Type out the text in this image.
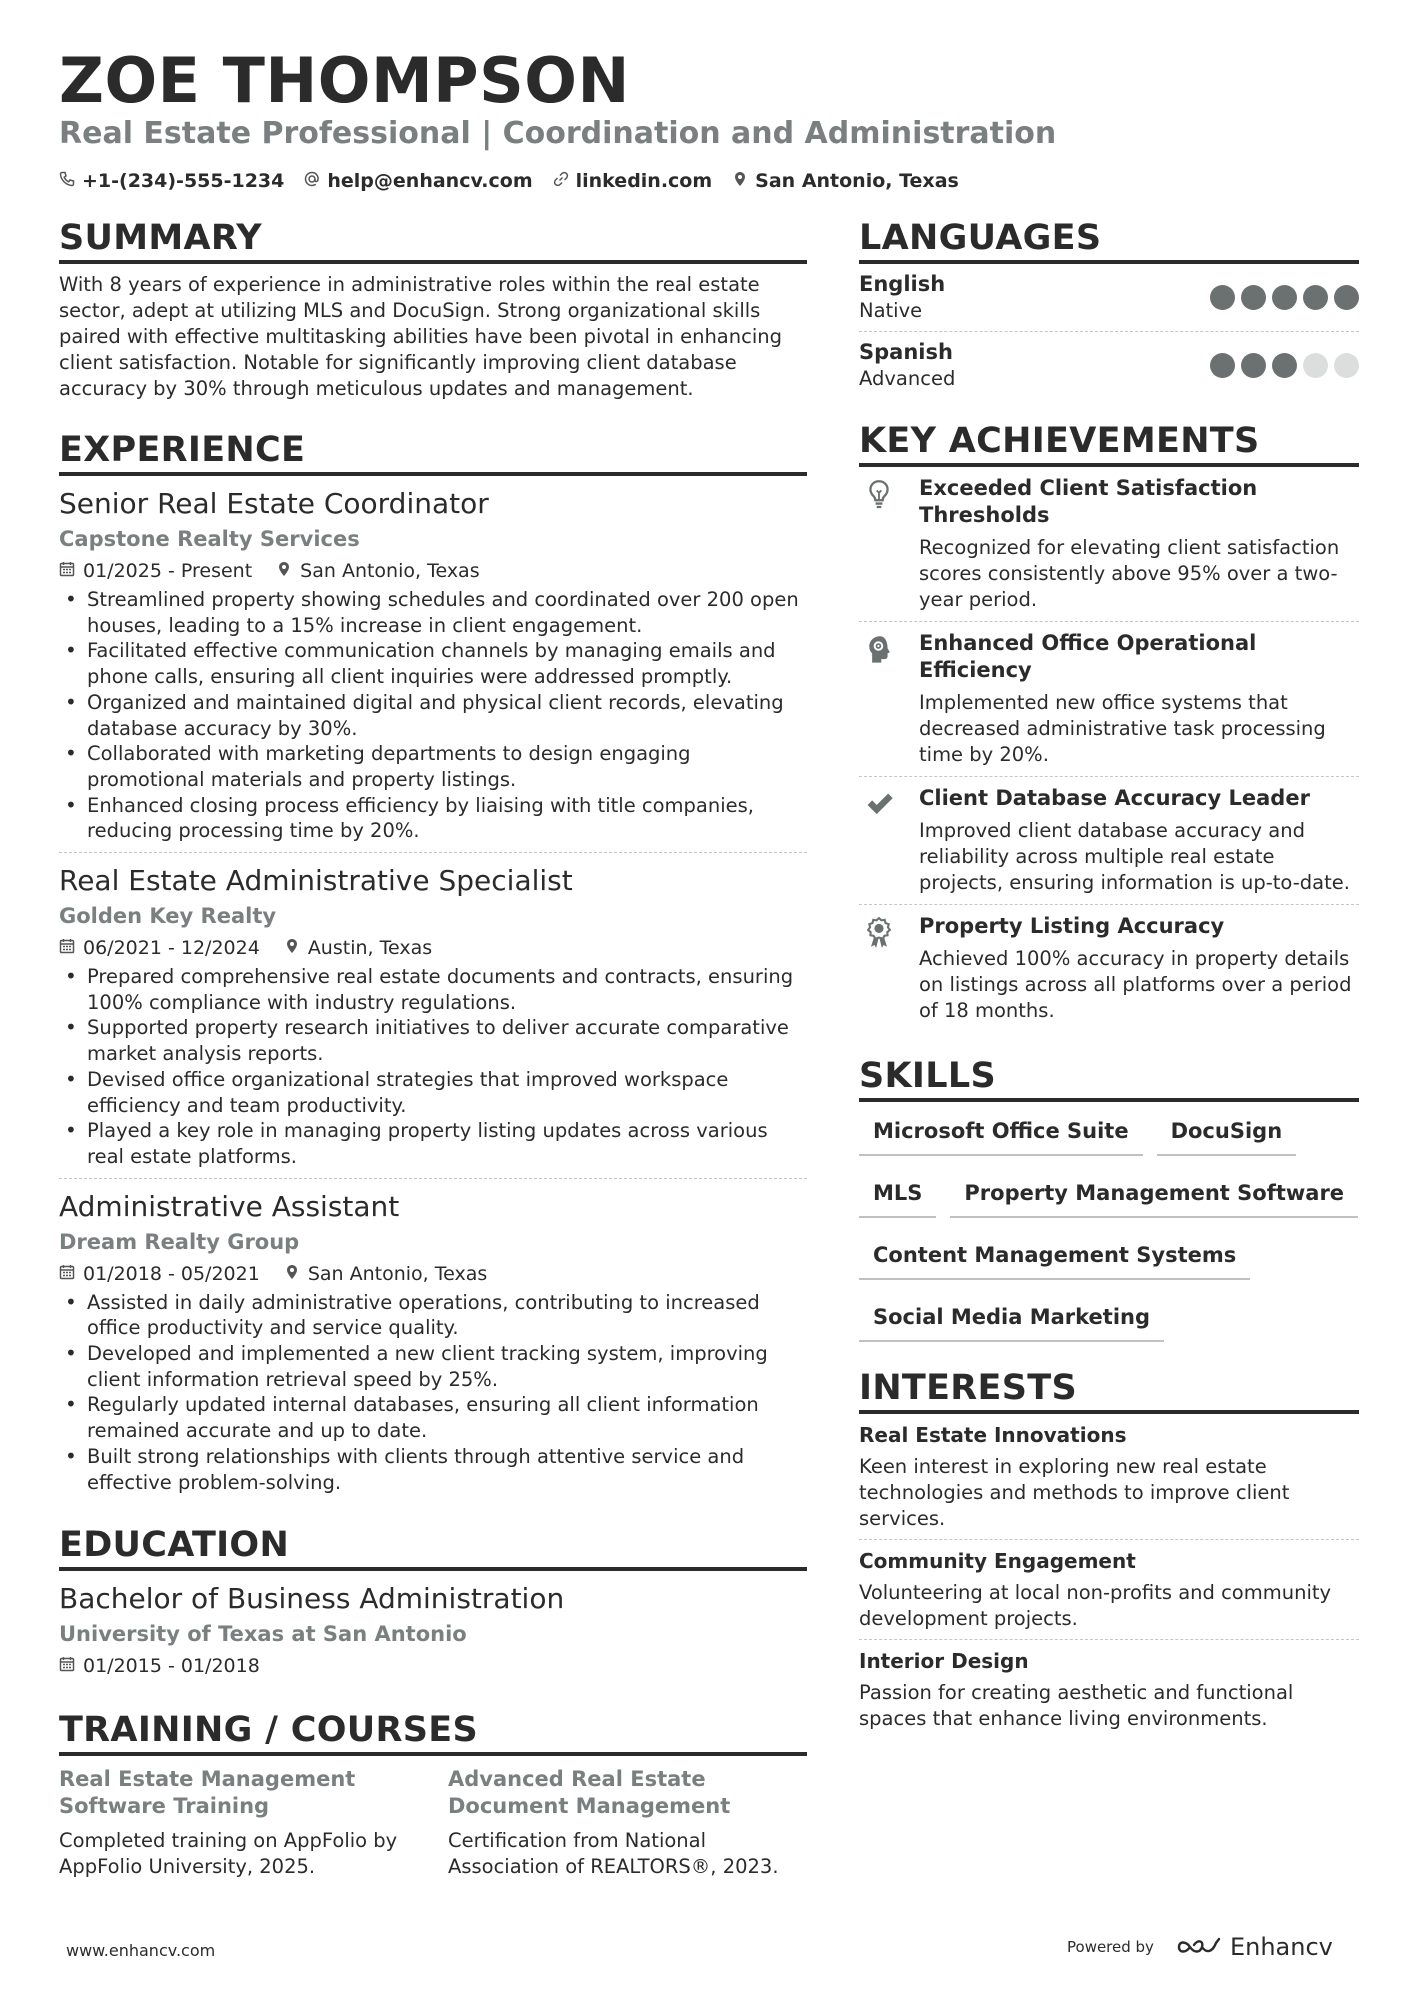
ZOE THOMPSON
Real Estate Professional | Coordination and Administration
+1-(234)-555-1234 help@enhancv.com linkedin.com San Antonio, Texas
SUMMARY
With 8 years of experience in administrative roles within the real estate sector, adept at utilizing MLS and DocuSign. Strong organizational skills paired with effective multitasking abilities have been pivotal in enhancing client satisfaction. Notable for significantly improving client database accuracy by 30% through meticulous updates and management.
EXPERIENCE
Senior Real Estate Coordinator
Capstone Realty Services
01/2025 - Present	San Antonio, Texas
• Streamlined property showing schedules and coordinated over 200 open houses, leading to a 15% increase in client engagement.
• Facilitated effective communication channels by managing emails and phone calls, ensuring all client inquiries were addressed promptly.
• Organized and maintained digital and physical client records, elevating database accuracy by 30%.
• Collaborated with marketing departments to design engaging promotional materials and property listings.
• Enhanced closing process efficiency by liaising with title companies, reducing processing time by 20%.
Real Estate Administrative Specialist
Golden Key Realty
06/2021 - 12/2024	Austin, Texas
• Prepared comprehensive real estate documents and contracts, ensuring 100% compliance with industry regulations.
• Supported property research initiatives to deliver accurate comparative market analysis reports.
• Devised office organizational strategies that improved workspace efficiency and team productivity.
• Played a key role in managing property listing updates across various real estate platforms.
Administrative Assistant
Dream Realty Group
01/2018 - 05/2021	San Antonio, Texas
• Assisted in daily administrative operations, contributing to increased office productivity and service quality.
• Developed and implemented a new client tracking system, improving client information retrieval speed by 25%.
• Regularly updated internal databases, ensuring all client information remained accurate and up to date.
• Built strong relationships with clients through attentive service and effective problem-solving.
EDUCATION
Bachelor of Business Administration
University of Texas at San Antonio
01/2015 - 01/2018
TRAINING / COURSES
Real Estate Management Software Training
Completed training on AppFolio by AppFolio University, 2025.
Advanced Real Estate Document Management
Certification from National Association of REALTORS®, 2023.
LANGUAGES
English
Native
Spanish
Advanced
KEY ACHIEVEMENTS
Exceeded Client Satisfaction Thresholds
Recognized for elevating client satisfaction scores consistently above 95% over a two-year period.
Enhanced Office Operational Efficiency
Implemented new office systems that decreased administrative task processing time by 20%.
Client Database Accuracy Leader
Improved client database accuracy and reliability across multiple real estate projects, ensuring information is up-to-date.
Property Listing Accuracy
Achieved 100% accuracy in property details on listings across all platforms over a period of 18 months.
SKILLS
Microsoft Office Suite	DocuSign
MLS	Property Management Software
Content Management Systems
Social Media Marketing
INTERESTS
Real Estate Innovations
Keen interest in exploring new real estate technologies and methods to improve client services.
Community Engagement
Volunteering at local non-profits and community development projects.
Interior Design
Passion for creating aesthetic and functional spaces that enhance living environments.
www.enhancv.com	Powered by	Enhancv
